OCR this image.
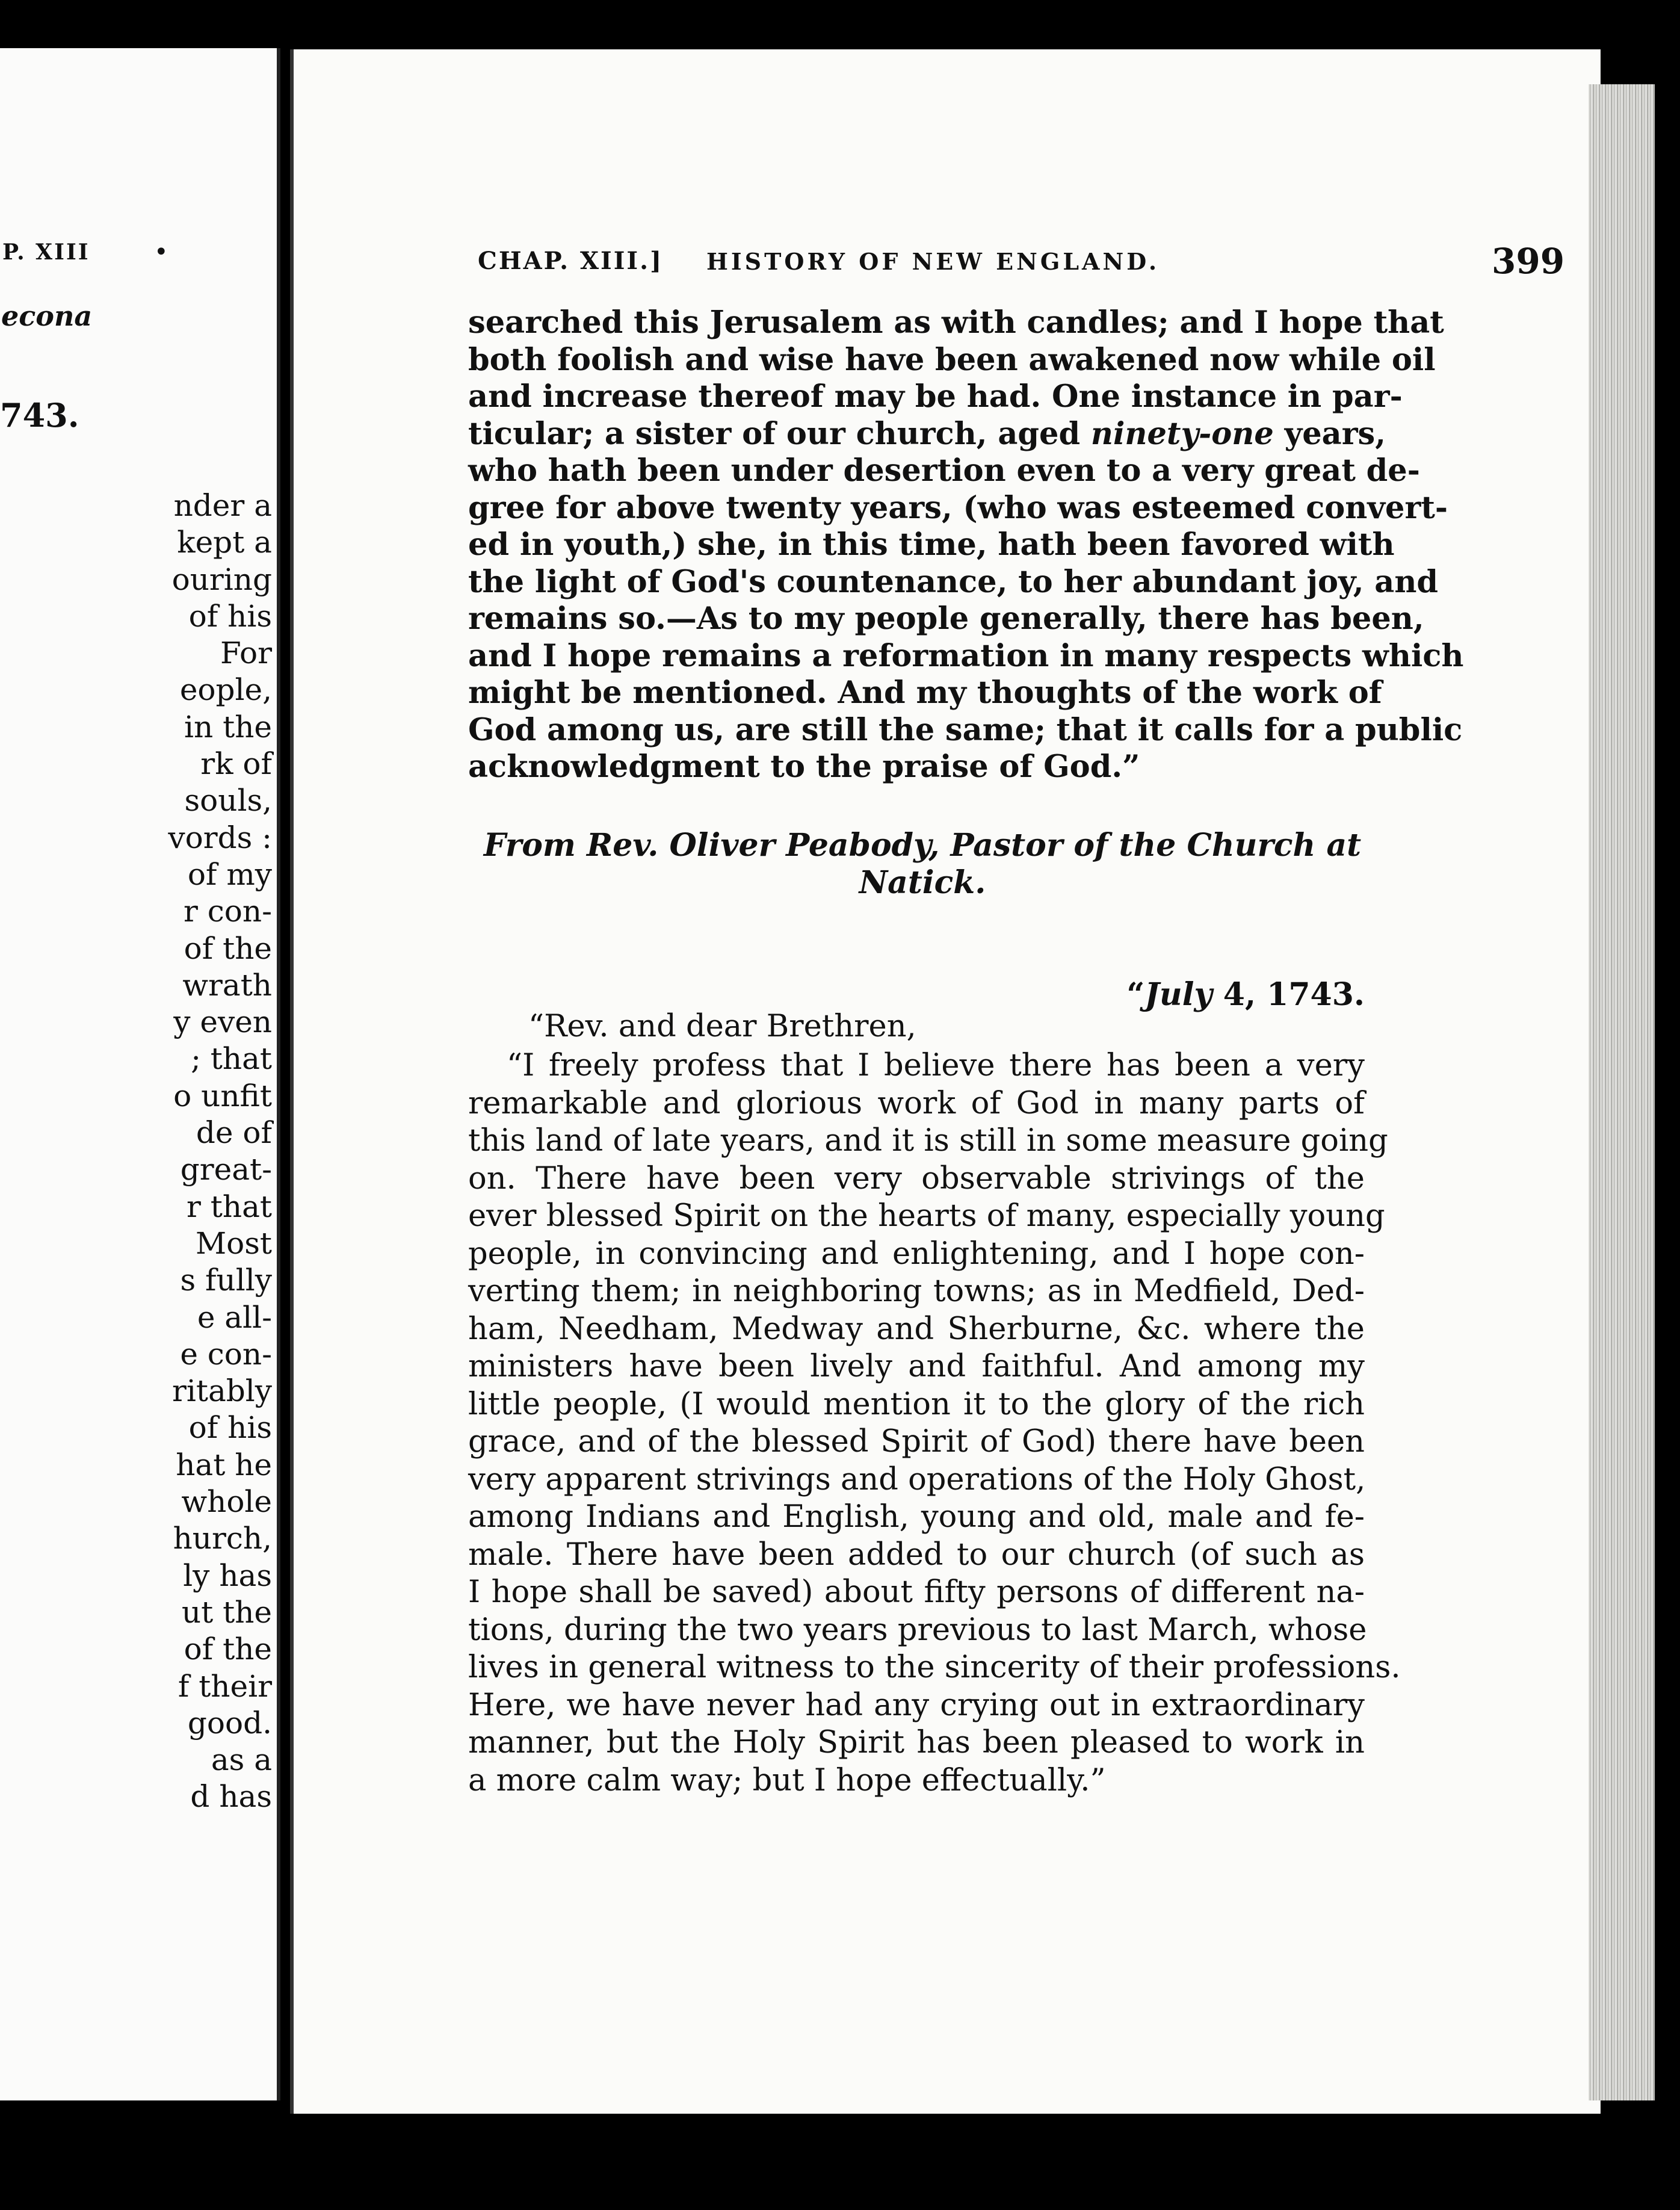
P. XIII	•
econa
743.
nder a
kept a
ouring
of his
For
eople,
in the
rk of
souls,
vords :
of my
r con-
of the
wrath
y even
; that
o unfit
de of
great-
r that
Most
s fully
e all-
e con-
ritably
of his
hat he
whole
hurch,
ly has
ut the
of the
f their
good.
as a
d has
CHAP. XIII.] HISTORY OF NEW ENGLAND.	399
searched this Jerusalem as with candles; and I hope that
both foolish and wise have been awakened now while oil
and increase thereof may be had. One instance in par-
ticular; a sister of our church, aged ninety-one years,
who hath been under desertion even to a very great de-
gree for above twenty years, (who was esteemed convert-
ed in youth,) she, in this time, hath been favored with
the light of God's countenance, to her abundant joy, and
remains so.—As to my people generally, there has been,
and I hope remains a reformation in many respects which
might be mentioned. And my thoughts of the work of
God among us, are still the same; that it calls for a public
acknowledgment to the praise of God.”
From Rev. Oliver Peabody, Pastor of the Church at
Natick.
“July 4, 1743.
“Rev. and dear Brethren,
“I freely profess that I believe there has been a very
remarkable and glorious work of God in many parts of
this land of late years, and it is still in some measure going
on. There have been very observable strivings of the
ever blessed Spirit on the hearts of many, especially young
people, in convincing and enlightening, and I hope con-
verting them; in neighboring towns; as in Medfield, Ded-
ham, Needham, Medway and Sherburne, &c. where the
ministers have been lively and faithful. And among my
little people, (I would mention it to the glory of the rich
grace, and of the blessed Spirit of God) there have been
very apparent strivings and operations of the Holy Ghost,
among Indians and English, young and old, male and fe-
male. There have been added to our church (of such as
I hope shall be saved) about fifty persons of different na-
tions, during the two years previous to last March, whose
lives in general witness to the sincerity of their professions.
Here, we have never had any crying out in extraordinary
manner, but the Holy Spirit has been pleased to work in
a more calm way; but I hope effectually.”
